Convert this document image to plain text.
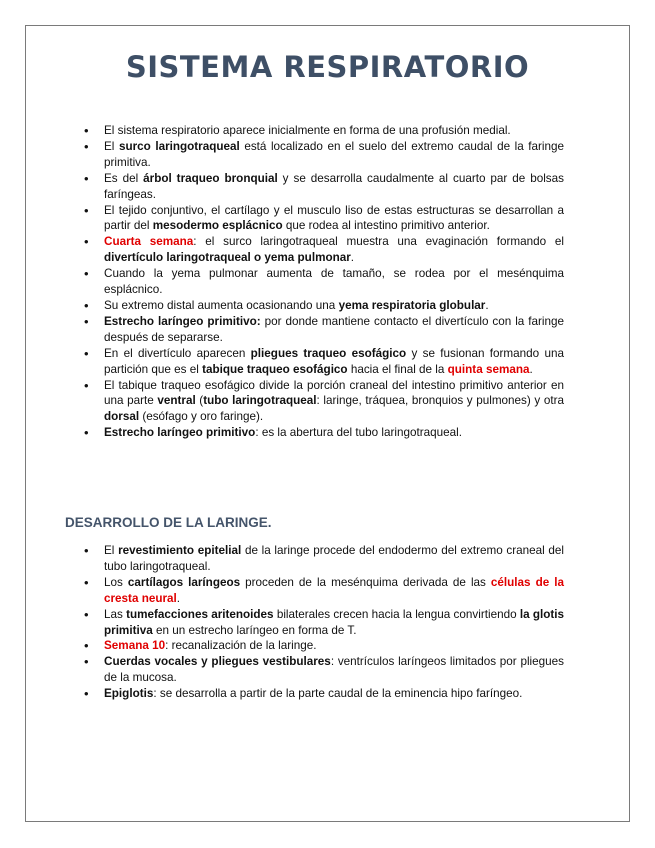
SISTEMA RESPIRATORIO
• El sistema respiratorio aparece inicialmente en forma de una profusión medial.
• El surco laringotraqueal está localizado en el suelo del extremo caudal de la faringe primitiva.
• Es del árbol traqueo bronquial y se desarrolla caudalmente al cuarto par de bolsas faríngeas.
• El tejido conjuntivo, el cartílago y el musculo liso de estas estructuras se desarrollan a partir del mesodermo esplácnico que rodea al intestino primitivo anterior.
• Cuarta semana: el surco laringotraqueal muestra una evaginación formando el divertículo laringotraqueal o yema pulmonar.
• Cuando la yema pulmonar aumenta de tamaño, se rodea por el mesénquima esplácnico.
• Su extremo distal aumenta ocasionando una yema respiratoria globular.
• Estrecho laríngeo primitivo: por donde mantiene contacto el divertículo con la faringe después de separarse.
• En el divertículo aparecen pliegues traqueo esofágico y se fusionan formando una partición que es el tabique traqueo esofágico hacia el final de la quinta semana.
• El tabique traqueo esofágico divide la porción craneal del intestino primitivo anterior en una parte ventral (tubo laringotraqueal: laringe, tráquea, bronquios y pulmones) y otra dorsal (esófago y oro faringe).
• Estrecho laríngeo primitivo: es la abertura del tubo laringotraqueal.
DESARROLLO DE LA LARINGE.
• El revestimiento epitelial de la laringe procede del endodermo del extremo craneal del tubo laringotraqueal.
• Los cartílagos laríngeos proceden de la mesénquima derivada de las células de la cresta neural.
• Las tumefacciones aritenoides bilaterales crecen hacia la lengua convirtiendo la glotis primitiva en un estrecho laríngeo en forma de T.
• Semana 10: recanalización de la laringe.
• Cuerdas vocales y pliegues vestibulares: ventrículos laríngeos limitados por pliegues de la mucosa.
• Epiglotis: se desarrolla a partir de la parte caudal de la eminencia hipo faríngeo.
